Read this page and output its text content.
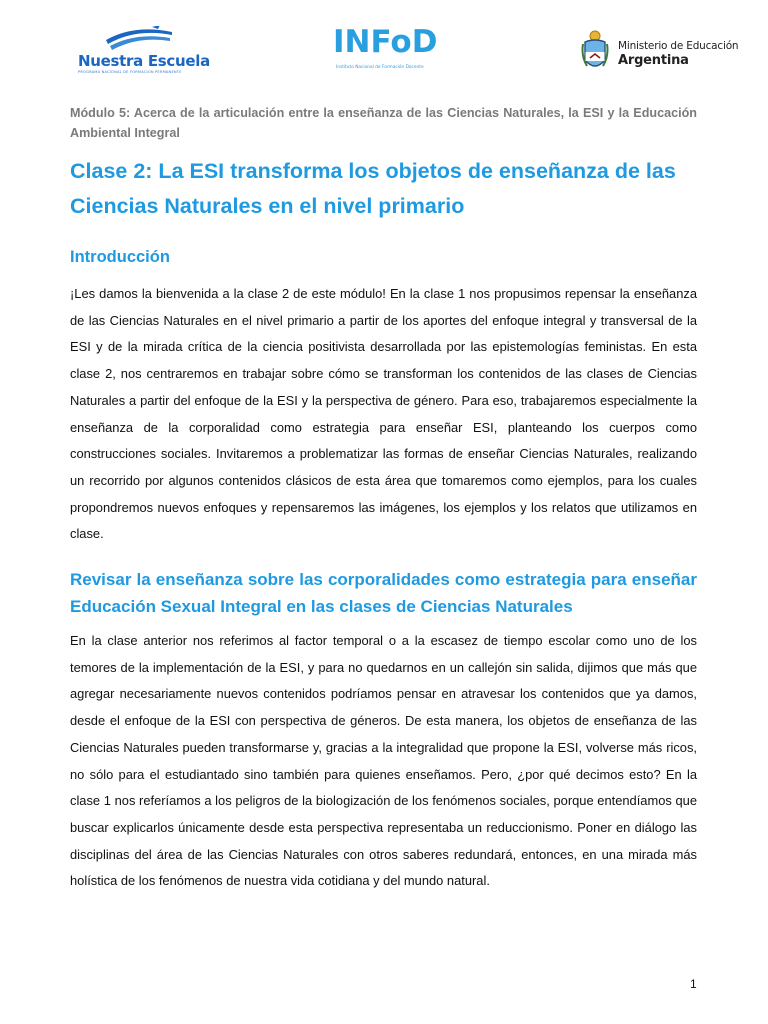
Nuestra Escuela
PROGRAMA NACIONAL DE FORMACIÓN PERMANENTE
INFoD
Instituto Nacional de Formación Docente
Ministerio de Educación
Argentina
Módulo 5: Acerca de la articulación entre la enseñanza de las Ciencias Naturales, la ESI y la Educación Ambiental Integral
Clase 2: La ESI transforma los objetos de enseñanza de las Ciencias Naturales en el nivel primario
Introducción
¡Les damos la bienvenida a la clase 2 de este módulo! En la clase 1 nos propusimos repensar la enseñanza de las Ciencias Naturales en el nivel primario a partir de los aportes del enfoque integral y transversal de la ESI y de la mirada crítica de la ciencia positivista desarrollada por las epistemologías feministas. En esta clase 2, nos centraremos en trabajar sobre cómo se transforman los contenidos de las clases de Ciencias Naturales a partir del enfoque de la ESI y la perspectiva de género. Para eso, trabajaremos especialmente la enseñanza de la corporalidad como estrategia para enseñar ESI, planteando los cuerpos como construcciones sociales. Invitaremos a problematizar las formas de enseñar Ciencias Naturales, realizando un recorrido por algunos contenidos clásicos de esta área que tomaremos como ejemplos, para los cuales propondremos nuevos enfoques y repensaremos las imágenes, los ejemplos y los relatos que utilizamos en clase.
Revisar la enseñanza sobre las corporalidades como estrategia para enseñar Educación Sexual Integral en las clases de Ciencias Naturales
En la clase anterior nos referimos al factor temporal o a la escasez de tiempo escolar como uno de los temores de la implementación de la ESI, y para no quedarnos en un callejón sin salida, dijimos que más que agregar necesariamente nuevos contenidos podríamos pensar en atravesar los contenidos que ya damos, desde el enfoque de la ESI con perspectiva de géneros. De esta manera, los objetos de enseñanza de las Ciencias Naturales pueden transformarse y, gracias a la integralidad que propone la ESI, volverse más ricos, no sólo para el estudiantado sino también para quienes enseñamos. Pero, ¿por qué decimos esto? En la clase 1 nos referíamos a los peligros de la biologización de los fenómenos sociales, porque entendíamos que buscar explicarlos únicamente desde esta perspectiva representaba un reduccionismo. Poner en diálogo las disciplinas del área de las Ciencias Naturales con otros saberes redundará, entonces, en una mirada más holística de los fenómenos de nuestra vida cotidiana y del mundo natural.
1
